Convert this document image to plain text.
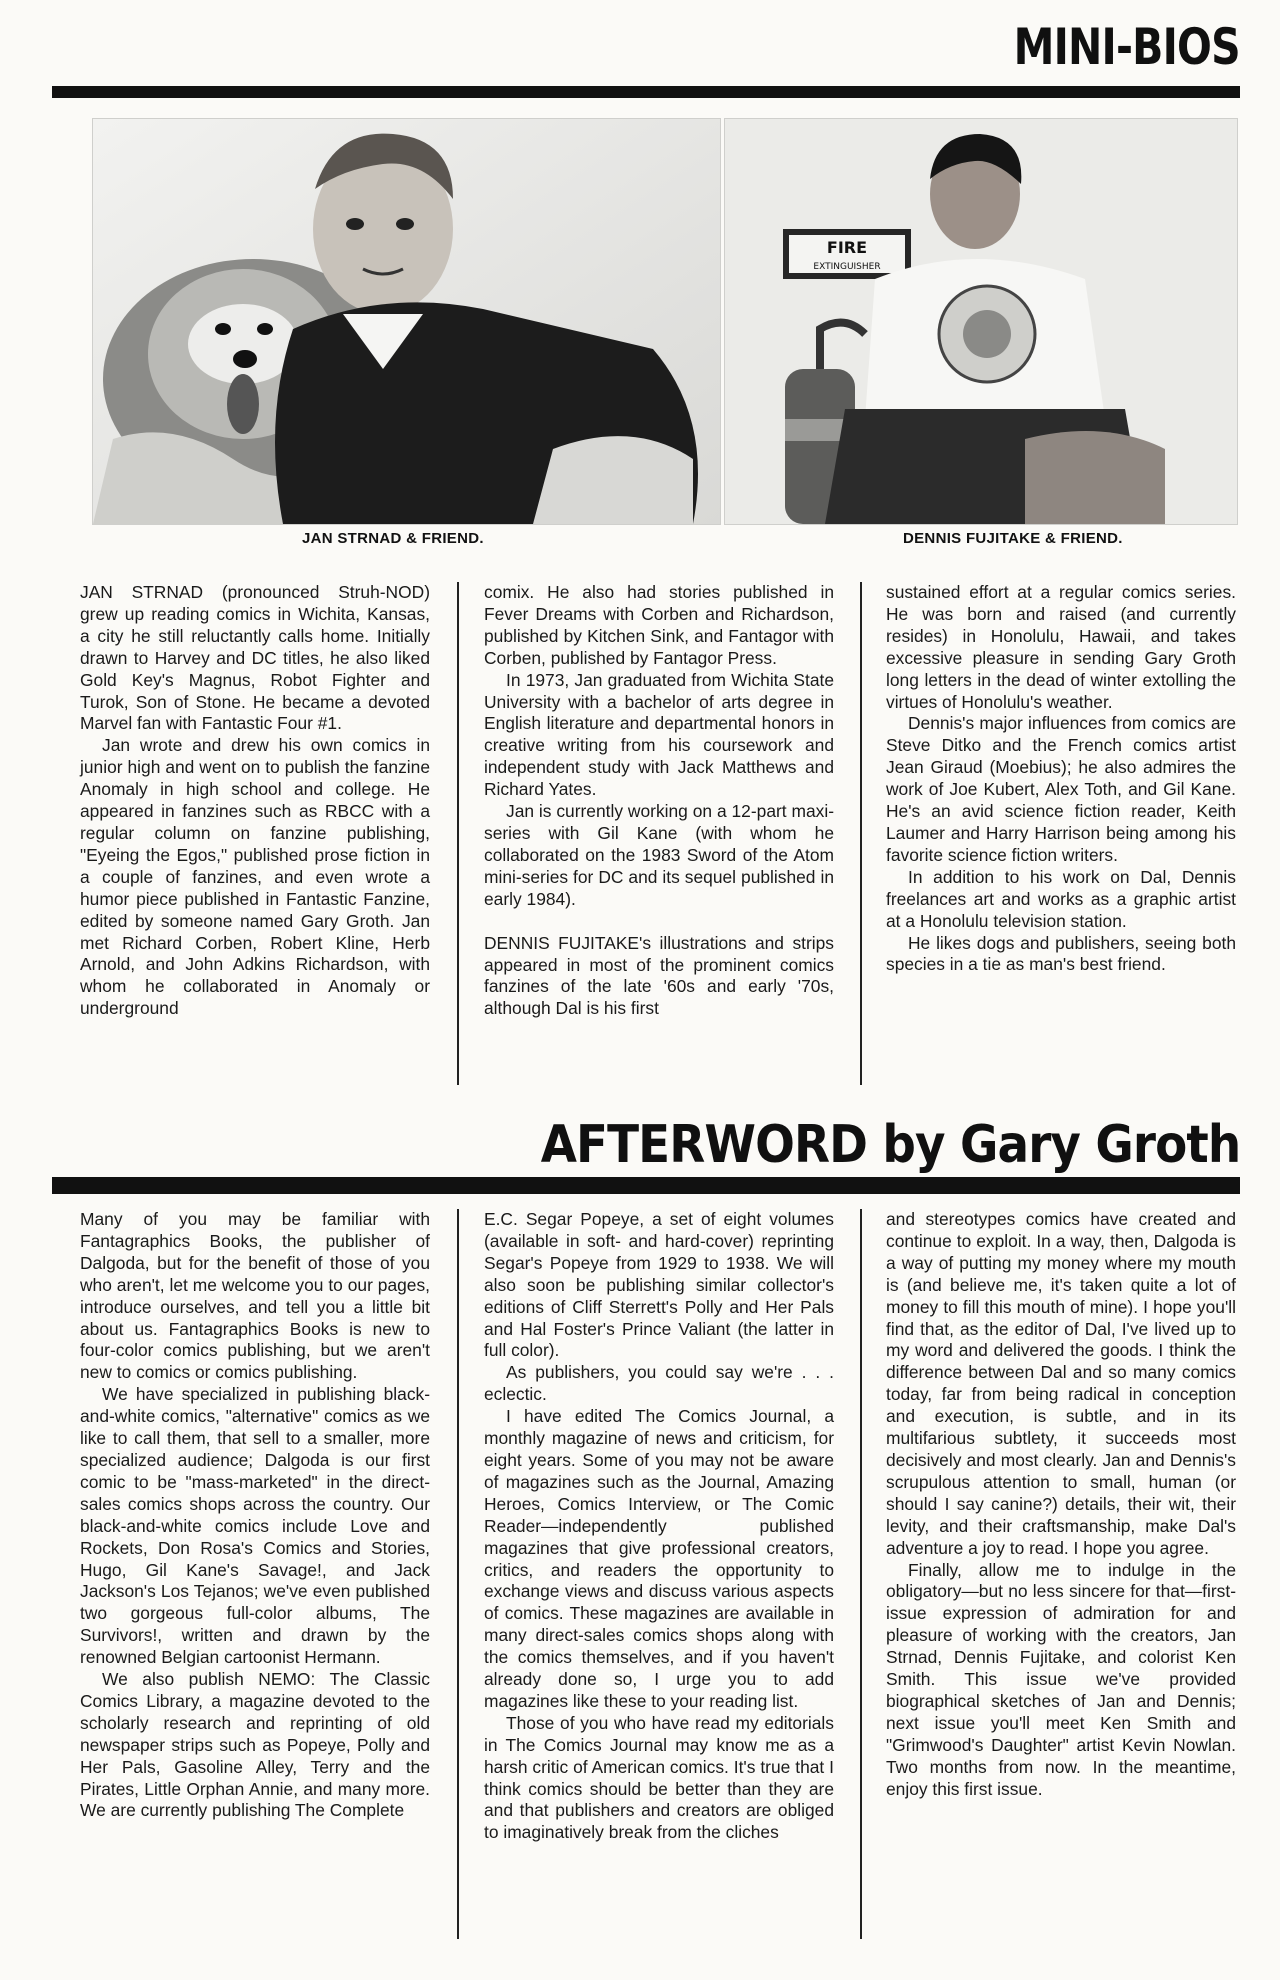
MINI-BIOS
JAN STRNAD & FRIEND.
FIRE
EXTINGUISHER
DENNIS FUJITAKE & FRIEND.

JAN STRNAD (pronounced Struh-NOD) grew up reading comics in Wichita, Kansas, a city he still reluctantly calls home. Initially drawn to Harvey and DC titles, he also liked Gold Key's Magnus, Robot Fighter and Turok, Son of Stone. He became a devoted Marvel fan with Fantastic Four #1.

Jan wrote and drew his own comics in junior high and went on to publish the fanzine Anomaly in high school and college. He appeared in fanzines such as RBCC with a regular column on fanzine publishing, "Eyeing the Egos," published prose fiction in a couple of fanzines, and even wrote a humor piece published in Fantastic Fanzine, edited by someone named Gary Groth. Jan met Richard Corben, Robert Kline, Herb Arnold, and John Adkins Richardson, with whom he collaborated in Anomaly or underground

comix. He also had stories published in Fever Dreams with Corben and Richardson, published by Kitchen Sink, and Fantagor with Corben, published by Fantagor Press.

In 1973, Jan graduated from Wichita State University with a bachelor of arts degree in English literature and departmental honors in creative writing from his coursework and independent study with Jack Matthews and Richard Yates.

Jan is currently working on a 12-part maxi-series with Gil Kane (with whom he collaborated on the 1983 Sword of the Atom mini-series for DC and its sequel published in early 1984).

DENNIS FUJITAKE's illustrations and strips appeared in most of the prominent comics fanzines of the late '60s and early '70s, although Dal is his first

sustained effort at a regular comics series. He was born and raised (and currently resides) in Honolulu, Hawaii, and takes excessive pleasure in sending Gary Groth long letters in the dead of winter extolling the virtues of Honolulu's weather.

Dennis's major influences from comics are Steve Ditko and the French comics artist Jean Giraud (Moebius); he also admires the work of Joe Kubert, Alex Toth, and Gil Kane. He's an avid science fiction reader, Keith Laumer and Harry Harrison being among his favorite science fiction writers.

In addition to his work on Dal, Dennis freelances art and works as a graphic artist at a Honolulu television station.

He likes dogs and publishers, seeing both species in a tie as man's best friend.

AFTERWORD by Gary Groth

Many of you may be familiar with Fantagraphics Books, the publisher of Dalgoda, but for the benefit of those of you who aren't, let me welcome you to our pages, introduce ourselves, and tell you a little bit about us. Fantagraphics Books is new to four-color comics publishing, but we aren't new to comics or comics publishing.

We have specialized in publishing black-and-white comics, "alternative" comics as we like to call them, that sell to a smaller, more specialized audience; Dalgoda is our first comic to be "mass-marketed" in the direct-sales comics shops across the country. Our black-and-white comics include Love and Rockets, Don Rosa's Comics and Stories, Hugo, Gil Kane's Savage!, and Jack Jackson's Los Tejanos; we've even published two gorgeous full-color albums, The Survivors!, written and drawn by the renowned Belgian cartoonist Hermann.

We also publish NEMO: The Classic Comics Library, a magazine devoted to the scholarly research and reprinting of old newspaper strips such as Popeye, Polly and Her Pals, Gasoline Alley, Terry and the Pirates, Little Orphan Annie, and many more. We are currently publishing The Complete

E.C. Segar Popeye, a set of eight volumes (available in soft- and hard-cover) reprinting Segar's Popeye from 1929 to 1938. We will also soon be publishing similar collector's editions of Cliff Sterrett's Polly and Her Pals and Hal Foster's Prince Valiant (the latter in full color).

As publishers, you could say we're . . . eclectic.

I have edited The Comics Journal, a monthly magazine of news and criticism, for eight years. Some of you may not be aware of magazines such as the Journal, Amazing Heroes, Comics Interview, or The Comic Reader—independently published magazines that give professional creators, critics, and readers the opportunity to exchange views and discuss various aspects of comics. These magazines are available in many direct-sales comics shops along with the comics themselves, and if you haven't already done so, I urge you to add magazines like these to your reading list.

Those of you who have read my editorials in The Comics Journal may know me as a harsh critic of American comics. It's true that I think comics should be better than they are and that publishers and creators are obliged to imaginatively break from the cliches

and stereotypes comics have created and continue to exploit. In a way, then, Dalgoda is a way of putting my money where my mouth is (and believe me, it's taken quite a lot of money to fill this mouth of mine). I hope you'll find that, as the editor of Dal, I've lived up to my word and delivered the goods. I think the difference between Dal and so many comics today, far from being radical in conception and execution, is subtle, and in its multifarious subtlety, it succeeds most decisively and most clearly. Jan and Dennis's scrupulous attention to small, human (or should I say canine?) details, their wit, their levity, and their craftsmanship, make Dal's adventure a joy to read. I hope you agree.

Finally, allow me to indulge in the obligatory—but no less sincere for that—first-issue expression of admiration for and pleasure of working with the creators, Jan Strnad, Dennis Fujitake, and colorist Ken Smith. This issue we've provided biographical sketches of Jan and Dennis; next issue you'll meet Ken Smith and "Grimwood's Daughter" artist Kevin Nowlan. Two months from now. In the meantime, enjoy this first issue.
